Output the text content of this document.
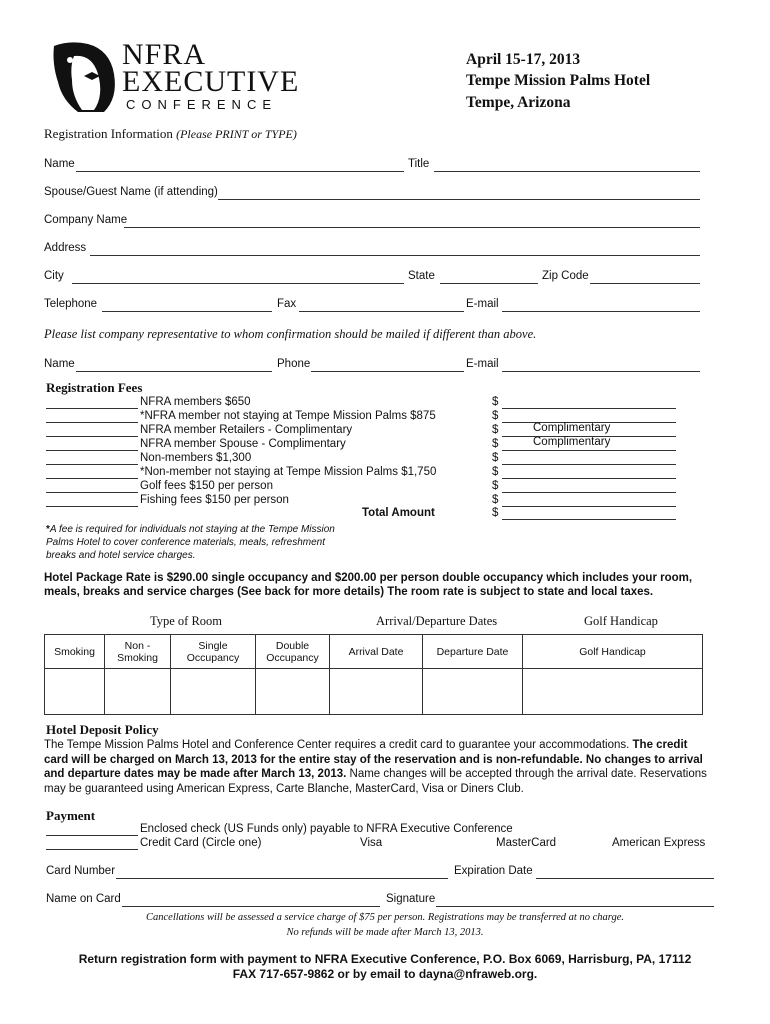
NFRA
EXECUTIVE
CONFERENCE
April 15-17, 2013
Tempe Mission Palms Hotel
Tempe, Arizona
Registration Information (Please PRINT or TYPE)
Name	Title
Spouse/Guest Name (if attending)
Company Name
Address
City	State	Zip Code
Telephone	Fax	E-mail
Please list company representative to whom confirmation should be mailed if different than above.
Name	Phone	E-mail
Registration Fees
NFRA members $650	$
*NFRA member not staying at Tempe Mission Palms $875	$
NFRA member Retailers - Complimentary	$	Complimentary
NFRA member Spouse - Complimentary	$	Complimentary
Non-members $1,300	$
*Non-member not staying at Tempe Mission Palms $1,750	$
Golf fees $150 per person	$
Fishing fees $150 per person	$
Total Amount	$
*A fee is required for individuals not staying at the Tempe Mission Palms Hotel to cover conference materials, meals, refreshment breaks and hotel service charges.
Hotel Package Rate is $290.00 single occupancy and $200.00 per person double occupancy which includes your room, meals, breaks and service charges (See back for more details) The room rate is subject to state and local taxes.
Type of Room	Arrival/Departure Dates	Golf Handicap
Smoking	Non - Smoking	Single Occupancy	Double Occupancy	Arrival Date	Departure Date	Golf Handicap

Hotel Deposit Policy
The Tempe Mission Palms Hotel and Conference Center requires a credit card to guarantee your accommodations. The credit card will be charged on March 13, 2013 for the entire stay of the reservation and is non-refundable. No changes to arrival and departure dates may be made after March 13, 2013. Name changes will be accepted through the arrival date. Reservations may be guaranteed using American Express, Carte Blanche, MasterCard, Visa or Diners Club.
Payment
Enclosed check (US Funds only) payable to NFRA Executive Conference
Credit Card (Circle one)	Visa	MasterCard	American Express
Card Number	Expiration Date
Name on Card	Signature
Cancellations will be assessed a service charge of $75 per person. Registrations may be transferred at no charge.
No refunds will be made after March 13, 2013.
Return registration form with payment to NFRA Executive Conference, P.O. Box 6069, Harrisburg, PA, 17112
FAX 717-657-9862 or by email to dayna@nfraweb.org.
